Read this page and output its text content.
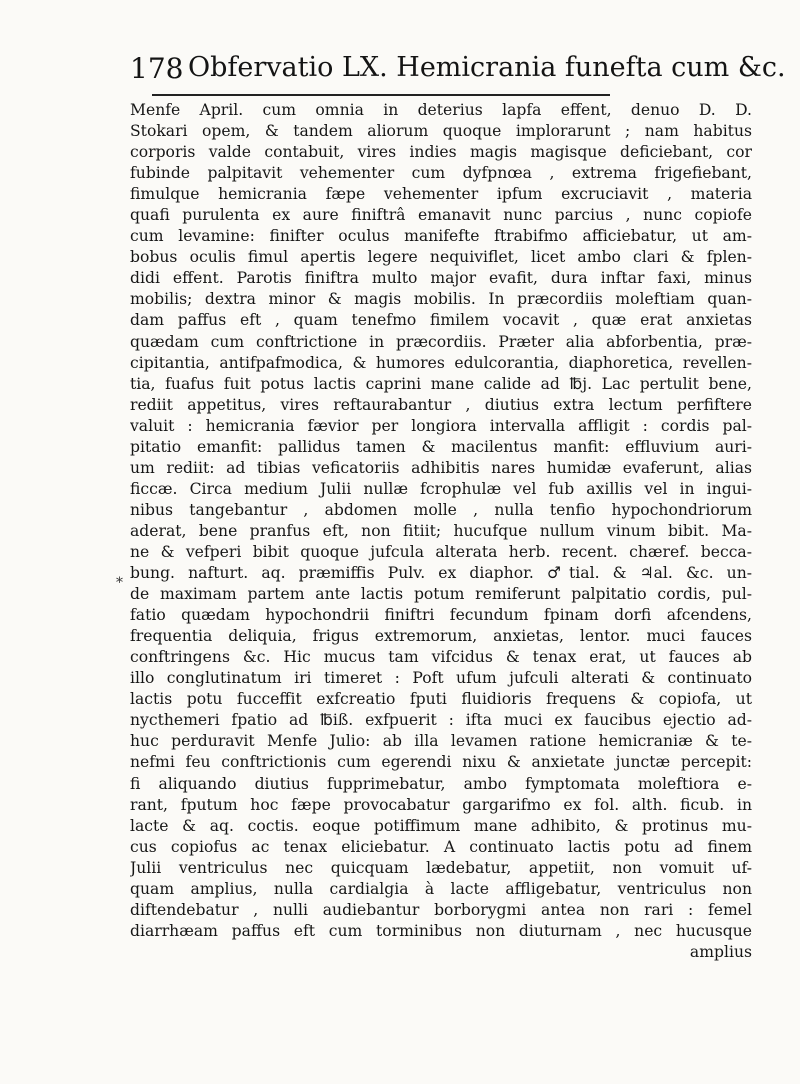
178 Obfervatio LX. Hemicrania funefta cum &c.
*
Menfe April. cum omnia in deterius lapfa effent, denuo D. D.
Stokari opem, & tandem aliorum quoque implorarunt ; nam habitus
corporis valde contabuit, vires indies magis magisque deficiebant, cor
fubinde palpitavit vehementer cum dyfpnœa , extrema frigefiebant,
fimulque hemicrania fæpe vehementer ipfum excruciavit , materia
quafi purulenta ex aure finiftrâ emanavit nunc parcius , nunc copiofe
cum levamine: finifter oculus manifefte ftrabifmo afficiebatur, ut am-
bobus oculis fimul apertis legere nequiviflet, licet ambo clari & fplen-
didi effent. Parotis finiftra multo major evafit, dura inftar faxi, minus
mobilis; dextra minor & magis mobilis. In præcordiis moleftiam quan-
dam paffus eft , quam tenefmo fimilem vocavit , quæ erat anxietas
quædam cum conftrictione in præcordiis. Præter alia abforbentia, præ-
cipitantia, antifpafmodica, & humores edulcorantia, diaphoretica, revellen-
tia, fuafus fuit potus lactis caprini mane calide ad ℔j. Lac pertulit bene,
rediit appetitus, vires reftaurabantur , diutius extra lectum perfiftere
valuit : hemicrania fævior per longiora intervalla affligit : cordis pal-
pitatio emanfit: pallidus tamen & macilentus manfit: effluvium auri-
um rediit: ad tibias veficatoriis adhibitis nares humidæ evaferunt, alias
ficcæ. Circa medium Julii nullæ fcrophulæ vel fub axillis vel in ingui-
nibus tangebantur , abdomen molle , nulla tenfio hypochondriorum
aderat, bene pranfus eft, non fitiit; hucufque nullum vinum bibit. Ma-
ne & vefperi bibit quoque jufcula alterata herb. recent. chæref. becca-
bung. nafturt. aq. præmiffis Pulv. ex diaphor. ♂tial. & ♃al. &c. un-
de maximam partem ante lactis potum remiferunt palpitatio cordis, pul-
fatio quædam hypochondrii finiftri fecundum fpinam dorfi afcendens,
frequentia deliquia, frigus extremorum, anxietas, lentor. muci fauces
conftringens &c. Hic mucus tam vifcidus & tenax erat, ut fauces ab
illo conglutinatum iri timeret : Poft ufum jufculi alterati & continuato
lactis potu fucceffit exfcreatio fputi fluidioris frequens & copiofa, ut
nycthemeri fpatio ad ℔iß. exfpuerit : ifta muci ex faucibus ejectio ad-
huc perduravit Menfe Julio: ab illa levamen ratione hemicraniæ & te-
nefmi feu conftrictionis cum egerendi nixu & anxietate junctæ percepit:
fi aliquando diutius fupprimebatur, ambo fymptomata moleftiora e-
rant, fputum hoc fæpe provocabatur gargarifmo ex fol. alth. ficub. in
lacte & aq. coctis. eoque potiffimum mane adhibito, & protinus mu-
cus copiofus ac tenax eliciebatur. A continuato lactis potu ad finem
Julii ventriculus nec quicquam lædebatur, appetiit, non vomuit uf-
quam amplius, nulla cardialgia à lacte affligebatur, ventriculus non
diftendebatur , nulli audiebantur borborygmi antea non rari : femel
diarrhæam paffus eft cum torminibus non diuturnam , nec hucusque
amplius
